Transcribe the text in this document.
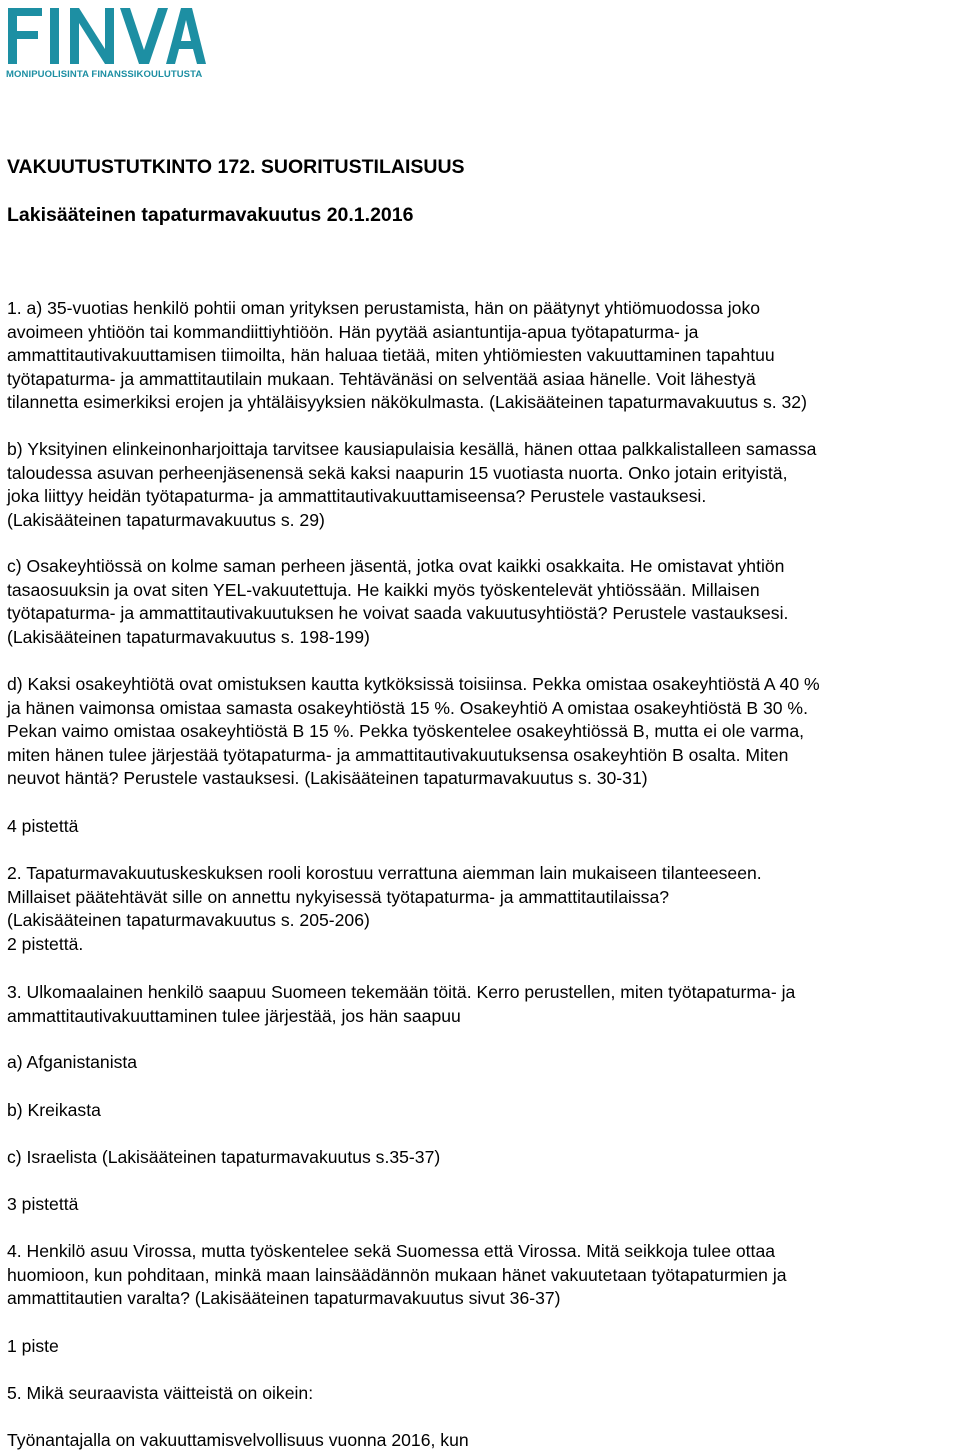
MONIPUOLISINTA FINANSSIKOULUTUSTA
VAKUUTUSTUTKINTO 172. SUORITUSTILAISUUS
Lakisääteinen tapaturmavakuutus 20.1.2016
1. a) 35-vuotias henkilö pohtii oman yrityksen perustamista, hän on päätynyt yhtiömuodossa joko
avoimeen yhtiöön tai kommandiittiyhtiöön. Hän pyytää asiantuntija-apua työtapaturma- ja
ammattitautivakuuttamisen tiimoilta, hän haluaa tietää, miten yhtiömiesten vakuuttaminen tapahtuu
työtapaturma- ja ammattitautilain mukaan. Tehtävänäsi on selventää asiaa hänelle. Voit lähestyä
tilannetta esimerkiksi erojen ja yhtäläisyyksien näkökulmasta. (Lakisääteinen tapaturmavakuutus s. 32)
b) Yksityinen elinkeinonharjoittaja tarvitsee kausiapulaisia kesällä, hänen ottaa palkkalistalleen samassa
taloudessa asuvan perheenjäsenensä sekä kaksi naapurin 15 vuotiasta nuorta. Onko jotain erityistä,
joka liittyy heidän työtapaturma- ja ammattitautivakuuttamiseensa? Perustele vastauksesi.
(Lakisääteinen tapaturmavakuutus s. 29)
c) Osakeyhtiössä on kolme saman perheen jäsentä, jotka ovat kaikki osakkaita. He omistavat yhtiön
tasaosuuksin ja ovat siten YEL-vakuutettuja. He kaikki myös työskentelevät yhtiössään. Millaisen
työtapaturma- ja ammattitautivakuutuksen he voivat saada vakuutusyhtiöstä? Perustele vastauksesi.
(Lakisääteinen tapaturmavakuutus s. 198-199)
d) Kaksi osakeyhtiötä ovat omistuksen kautta kytköksissä toisiinsa. Pekka omistaa osakeyhtiöstä A 40 %
ja hänen vaimonsa omistaa samasta osakeyhtiöstä 15 %. Osakeyhtiö A omistaa osakeyhtiöstä B 30 %.
Pekan vaimo omistaa osakeyhtiöstä B 15 %. Pekka työskentelee osakeyhtiössä B, mutta ei ole varma,
miten hänen tulee järjestää työtapaturma- ja ammattitautivakuutuksensa osakeyhtiön B osalta. Miten
neuvot häntä? Perustele vastauksesi. (Lakisääteinen tapaturmavakuutus s. 30-31)
4 pistettä
2. Tapaturmavakuutuskeskuksen rooli korostuu verrattuna aiemman lain mukaiseen tilanteeseen.
Millaiset päätehtävät sille on annettu nykyisessä työtapaturma- ja ammattitautilaissa?
(Lakisääteinen tapaturmavakuutus s. 205-206)
2 pistettä.
3. Ulkomaalainen henkilö saapuu Suomeen tekemään töitä. Kerro perustellen, miten työtapaturma- ja
ammattitautivakuuttaminen tulee järjestää, jos hän saapuu
a) Afganistanista
b) Kreikasta
c) Israelista (Lakisääteinen tapaturmavakuutus s.35-37)
3 pistettä
4. Henkilö asuu Virossa, mutta työskentelee sekä Suomessa että Virossa. Mitä seikkoja tulee ottaa
huomioon, kun pohditaan, minkä maan lainsäädännön mukaan hänet vakuutetaan työtapaturmien ja
ammattitautien varalta? (Lakisääteinen tapaturmavakuutus sivut 36-37)
1 piste
5. Mikä seuraavista väitteistä on oikein:
Työnantajalla on vakuuttamisvelvollisuus vuonna 2016, kun
